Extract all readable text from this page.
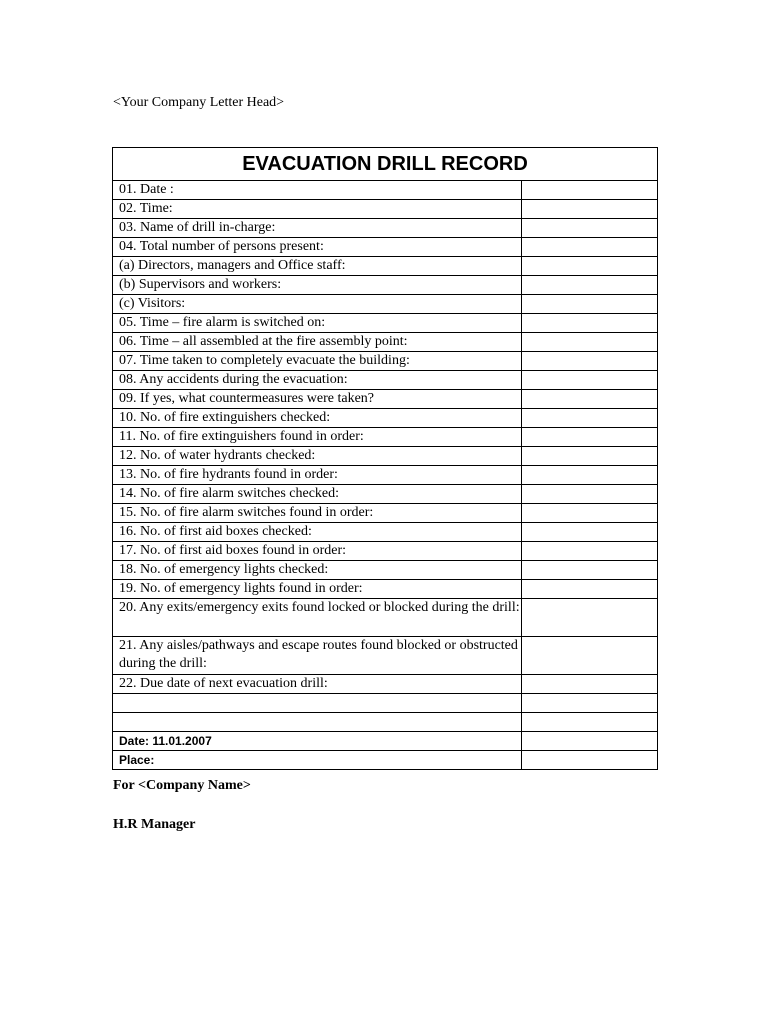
<Your Company Letter Head>
EVACUATION DRILL RECORD	
01. Date :	
02. Time:	
03. Name of drill in-charge:	
04. Total number of persons present:	
(a) Directors, managers and Office staff:	
(b) Supervisors and workers:	
(c) Visitors:	
05. Time – fire alarm is switched on:	
06. Time – all assembled at the fire assembly point:	
07. Time taken to completely evacuate the building:	
08. Any accidents during the evacuation:	
09. If yes, what countermeasures were taken?	
10. No. of fire extinguishers checked:	
11. No. of fire extinguishers found in order:	
12. No. of water hydrants checked:	
13. No. of fire hydrants found in order:	
14. No. of fire alarm switches checked:	
15. No. of fire alarm switches found in order:	
16. No. of first aid boxes checked:	
17. No. of first aid boxes found in order:	
18. No. of emergency lights checked:	
19. No. of emergency lights found in order:	
20. Any exits/emergency exits found locked or blocked during the drill:	
21. Any aisles/pathways and escape routes found blocked or obstructed during the drill:	
22. Due date of next evacuation drill:	

Date: 11.01.2007	
Place:	
For <Company Name>
H.R Manager
